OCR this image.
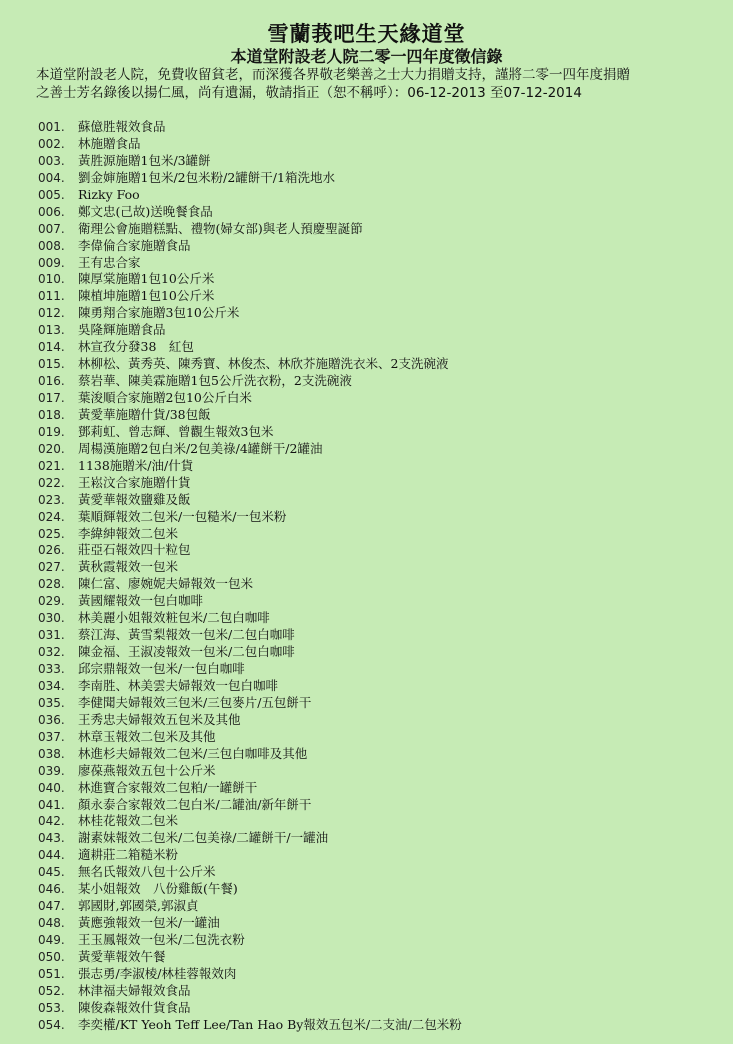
雪蘭莪吧生天緣道堂
本道堂附設老人院二零一四年度徵信錄
本道堂附設老人院，免費收留貧老，而深獲各界敬老樂善之士大力捐贈支持，謹將二零一四年度捐贈
之善士芳名錄後以揚仁風，尚有遺漏，敬請指正（恕不稱呼）：06-12-2013 至07-12-2014
001.	蘇億胜報效食品
002.	林施贈食品
003.	黃胜源施贈1包米/3罐餅
004.	劉金婶施贈1包米/2包米粉/2罐餅干/1箱洗地水
005.	Rizky Foo
006.	鄭文忠(己故)送晚餐食品
007.	衛理公會施贈糕點、禮物(婦女部)與老人預慶聖誕節
008.	李偉倫合家施贈食品
009.	王有忠合家
010.	陳厚棠施贈1包10公斤米
011.	陳植坤施贈1包10公斤米
012.	陳勇翔合家施贈3包10公斤米
013.	吳隆輝施贈食品
014.	林宣孜分發38　紅包
015.	林柳松、黃秀英、陳秀寶、林俊杰、林欣芥施贈洗衣米、2支洗碗液
016.	蔡岩華、陳美霖施贈1包5公斤洗衣粉，2支洗碗液
017.	葉浚順合家施贈2包10公斤白米
018.	黃愛華施贈什貨/38包飯
019.	鄧莉虹、曾志輝、曾觀生報效3包米
020.	周楊漢施贈2包白米/2包美祿/4罐餅干/2罐油
021.	1138施贈米/油/什貨
022.	王崧汶合家施贈什貨
023.	黃愛華報效鹽雞及飯
024.	葉順輝報效二包米/一包糙米/一包米粉
025.	李緯紳報效二包米
026.	莊亞石報效四十粒包
027.	黃秋霞報效一包米
028.	陳仁富、廖婉妮夫婦報效一包米
029.	黃國耀報效一包白咖啡
030.	林美麗小姐報效粧包米/二包白咖啡
031.	蔡江海、黃雪梨報效一包米/二包白咖啡
032.	陳金福、王淑凌報效一包米/二包白咖啡
033.	邱宗鼎報效一包米/一包白咖啡
034.	李南胜、林美雲夫婦報效一包白咖啡
035.	李健聞夫婦報效三包米/三包麥片/五包餅干
036.	王秀忠夫婦報效五包米及其他
037.	林章玉報效二包米及其他
038.	林進杉夫婦報效二包米/三包白咖啡及其他
039.	廖葆燕報效五包十公斤米
040.	林進寶合家報效二包粕/一罐餅干
041.	顏永泰合家報效二包白米/二罐油/新年餅干
042.	林桂花報效二包米
043.	謝素妹報效二包米/二包美祿/二罐餅干/一罐油
044.	適耕莊二箱糙米粉
045.	無名氏報效八包十公斤米
046.	某小姐報效　八份雞飯(午餐)
047.	郭國財,郭國榮,郭淑貞
048.	黃應強報效一包米/一罐油
049.	王玉鳳報效一包米/二包洗衣粉
050.	黃愛華報效午餐
051.	張志勇/李淑棱/林桂蓉報效肉
052.	林津福夫婦報效食品
053.	陳俊森報效什貨食品
054.	李奕權/KT Yeoh Teff Lee/Tan Hao By報效五包米/二支油/二包米粉
